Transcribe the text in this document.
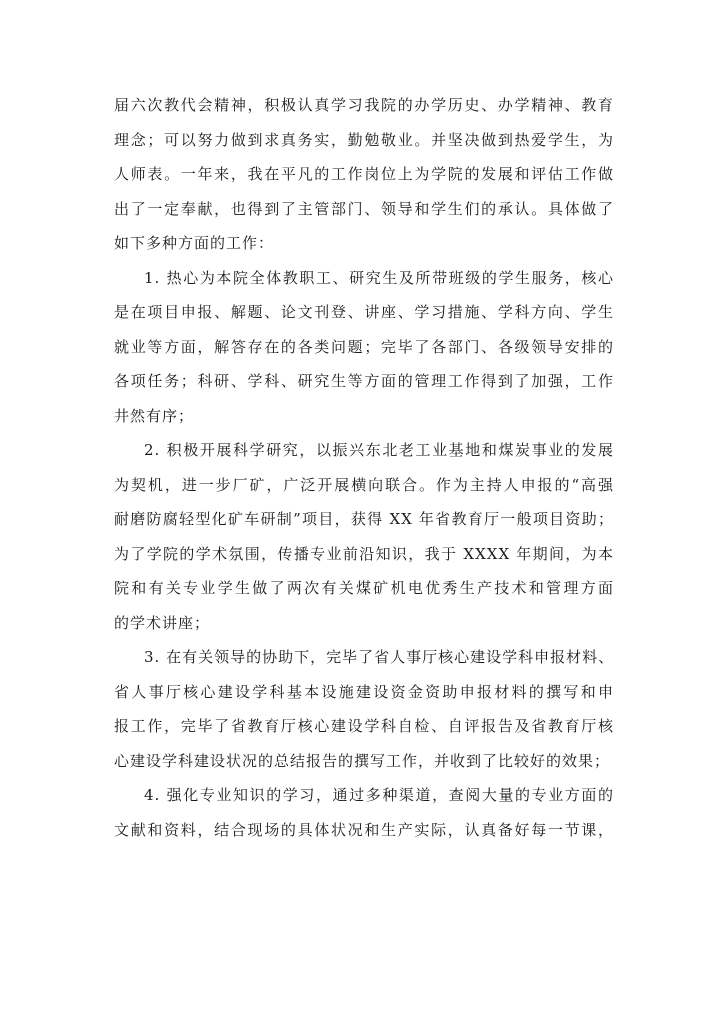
届六次教代会精神，积极认真学习我院的办学历史、办学精神、教育
理念；可以努力做到求真务实，勤勉敬业。并坚决做到热爱学生，为
人师表。一年来，我在平凡的工作岗位上为学院的发展和评估工作做
出了一定奉献，也得到了主管部门、领导和学生们的承认。具体做了
如下多种方面的工作：
1. 热心为本院全体教职工、研究生及所带班级的学生服务，核心
是在项目申报、解题、论文刊登、讲座、学习措施、学科方向、学生
就业等方面，解答存在的各类问题；完毕了各部门、各级领导安排的
各项任务；科研、学科、研究生等方面的管理工作得到了加强，工作
井然有序；
2. 积极开展科学研究，以振兴东北老工业基地和煤炭事业的发展
为契机，进一步厂矿，广泛开展横向联合。作为主持人申报的“高强
耐磨防腐轻型化矿车研制”项目，获得 XX 年省教育厅一般项目资助；
为了学院的学术氛围，传播专业前沿知识，我于 XXXX 年期间，为本
院和有关专业学生做了两次有关煤矿机电优秀生产技术和管理方面
的学术讲座；
3. 在有关领导的协助下，完毕了省人事厅核心建设学科申报材料、
省人事厅核心建设学科基本设施建设资金资助申报材料的撰写和申
报工作，完毕了省教育厅核心建设学科自检、自评报告及省教育厅核
心建设学科建设状况的总结报告的撰写工作，并收到了比较好的效果；
4. 强化专业知识的学习，通过多种渠道，查阅大量的专业方面的
文献和资料，结合现场的具体状况和生产实际，认真备好每一节课，
